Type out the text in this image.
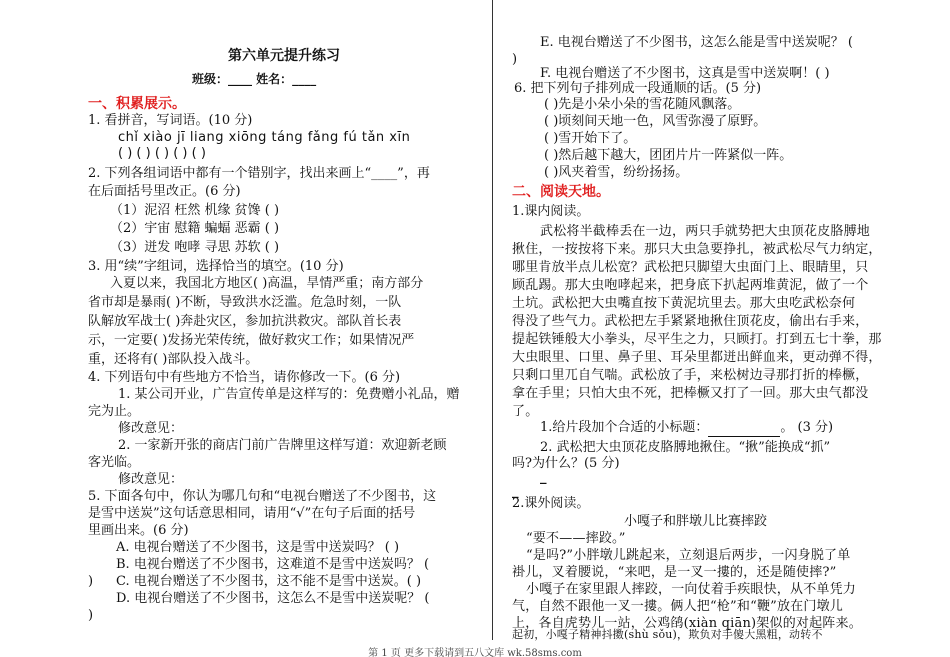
第六单元提升练习
班级：____ 姓名：____
一、积累展示。
1. 看拼音，写词语。(10 分)
chǐ xiào jī liang xiōng táng fǎng fú tǎn xīn
( ) ( ) ( ) ( ) ( )
2. 下列各组词语中都有一个错别字，找出来画上“____”，再
在后面括号里改正。(6 分)
（1）泥沼 枉然 机缘 贫馋 ( )
（2）宇宙 慰籍 蝙蝠 恶霸 ( )
（3）迸发 咆哮 寻思 苏软 ( )
3. 用“续”字组词，选择恰当的填空。(10 分)
入夏以来，我国北方地区( )高温，旱情严重；南方部分
省市却是暴雨( )不断，导致洪水泛滥。危急时刻，一队
队解放军战士( )奔赴灾区，参加抗洪救灾。部队首长表
示，一定要( )发扬光荣传统，做好救灾工作；如果情况严
重，还将有( )部队投入战斗。
4. 下列语句中有些地方不恰当，请你修改一下。(6 分)
1. 某公司开业，广告宣传单是这样写的：免费赠小礼品，赠
完为止。
修改意见：
2. 一家新开张的商店门前广告牌里这样写道：欢迎新老顾
客光临。
修改意见：
5. 下面各句中，你认为哪几句和“电视台赠送了不少图书，这
是雪中送炭”这句话意思相同，请用“√”在句子后面的括号
里画出来。(6 分)
A. 电视台赠送了不少图书，这是雪中送炭吗？ ( )
B. 电视台赠送了不少图书，这难道不是雪中送炭吗？ (
) C. 电视台赠送了不少图书，这不能不是雪中送炭。( )
D. 电视台赠送了不少图书，这怎么不是雪中送炭呢？ (
)
E. 电视台赠送了不少图书，这怎么能是雪中送炭呢？ (
)
F. 电视台赠送了不少图书，这真是雪中送炭啊！( )
6. 把下列句子排列成一段通顺的话。(5 分)
( )先是小朵小朵的雪花随风飘落。
( )顷刻间天地一色，风雪弥漫了原野。
( )雪开始下了。
( )然后越下越大，团团片片一阵紧似一阵。
( )风夹着雪，纷纷扬扬。
二、阅读天地。
1.课内阅读。
武松将半截棒丢在一边，两只手就势把大虫顶花皮胳膊地
揪住，一按按将下来。那只大虫急要挣扎，被武松尽气力纳定，
哪里肯放半点儿松宽？武松把只脚望大虫面门上、眼睛里，只
顾乱踢。那大虫咆哮起来，把身底下扒起两堆黄泥，做了一个
土坑。武松把大虫嘴直按下黄泥坑里去。那大虫吃武松奈何
得没了些气力。武松把左手紧紧地揪住顶花皮，偷出右手来，
提起铁锤般大小拳头，尽平生之力，只顾打。打到五七十拳，那
大虫眼里、口里、鼻子里、耳朵里都迸出鲜血来，更动弹不得，
只剩口里兀自气喘。武松放了手，来松树边寻那打折的棒橛，
拿在手里；只怕大虫不死，把棒橛又打了一回。那大虫气都没
了。
1.给片段加个合适的小标题：	。 (3 分)
2. 武松把大虫顶花皮胳膊地揪住。“揪”能换成“抓”
吗?为什么？(5 分)
_
_
2.课外阅读。
小嘎子和胖墩儿比赛摔跤
“要不——摔跤。”
“是吗?”小胖墩儿跳起来，立刻退后两步，一闪身脱了单
褂儿，叉着腰说，“来吧，是一叉一摟的，还是随使摔?”
小嘎子在家里跟人摔跤，一向仗着手疾眼快，从不单凭力
气，自然不跟他一叉一摟。俩人把“枪”和“鞭”放在门墩儿
上，各自虎势儿一站，公鸡鹐(xiàn qiān)架似的对起阵来。
起初，小嘎子精神抖擞(shù sǒu)，欺负对手傻大黑粗，动转不
第 1 页 更多下载请到五八文库 wk.58sms.com
